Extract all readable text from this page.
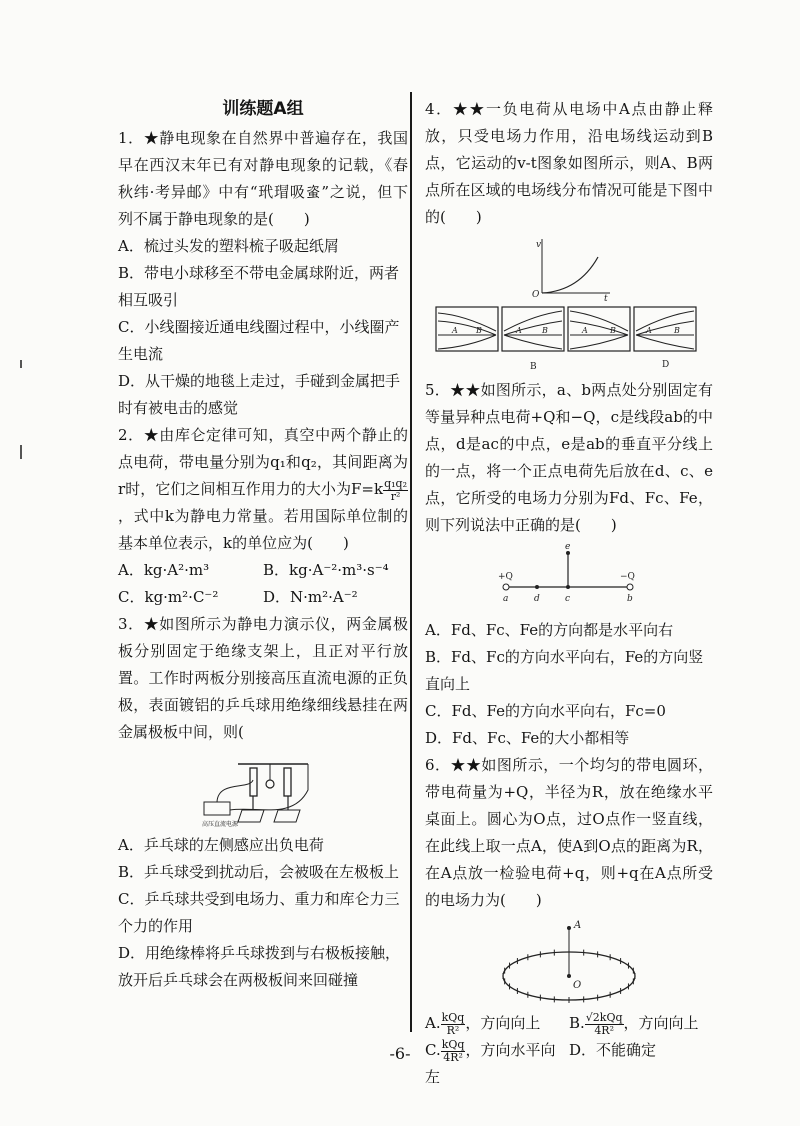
训练题A组

1．★静电现象在自然界中普遍存在，我国早在西汉末年已有对静电现象的记载，《春秋纬·考异邮》中有“玳瑁吸𧊒”之说，但下列不属于静电现象的是(　　)

A．梳过头发的塑料梳子吸起纸屑

B．带电小球移至不带电金属球附近，两者相互吸引

C．小线圈接近通电线圈过程中，小线圈产生电流

D．从干燥的地毯上走过，手碰到金属把手时有被电击的感觉

2．★由库仑定律可知，真空中两个静止的点电荷，带电量分别为q₁和q₂，其间距离为r时，它们之间相互作用力的大小为$F=k \frac{\text{q₁q₂}}{\text{r²}}$
，式中k为静电力常量。若用国际单位制的基本单位表示，k的单位应为(　　)

A．kg·A²·m³	B．kg·A⁻²·m³·s⁻⁴
C．kg·m²·C⁻²	D．N·m²·A⁻²

3．★如图所示为静电力演示仪，两金属极板分别固定于绝缘支架上，且正对平行放置。工作时两板分别接高压直流电源的正负极，表面镀铝的乒乓球用绝缘细线悬挂在两金属极板中间，则(

高压直流电源

A．乒乓球的左侧感应出负电荷

B．乒乓球受到扰动后，会被吸在左极板上

C．乒乓球共受到电场力、重力和库仑力三个力的作用

D．用绝缘棒将乒乓球拨到与右极板接触，放开后乒乓球会在两极板间来回碰撞

4．★★一负电荷从电场中A点由静止释放，只受电场力作用，沿电场线运动到B点，它运动的v-t图象如图所示，则A、B两点所在区域的电场线分布情况可能是下图中的(　　)

v
t
O
A B	A	B	A	B	A	B
B	D

5．★★如图所示，a、b两点处分别固定有等量异种点电荷+Q和−Q，c是线段ab的中点，d是ac的中点，e是ab的垂直平分线上的一点，将一个正点电荷先后放在d、c、e点，它所受的电场力分别为Fd、Fc、Fe，则下列说法中正确的是(　　)

+Q	−Q
a	d	c	b
e

A．Fd、Fc、Fe的方向都是水平向右

B．Fd、Fc的方向水平向右，Fe的方向竖直向上

C．Fd、Fe的方向水平向右，Fc=0

D．Fd、Fc、Fe的大小都相等

6．★★如图所示，一个均匀的带电圆环，带电荷量为+Q，半径为R，放在绝缘水平桌面上。圆心为O点，过O点作一竖直线，在此线上取一点A，使A到O点的距离为R，在A点放一检验电荷+q，则+q在A点所受的电场力为(　　)

A
O
A. $\frac{\text{kQq}}{\text{R²}}$ ，方向向上	B. $\frac{\text{√2kQq}}{\text{4R²}}$ ，方向向上
C. $\frac{\text{kQq}}{\text{4R²}}$ ，方向水平向左
D．不能确定
-6-
